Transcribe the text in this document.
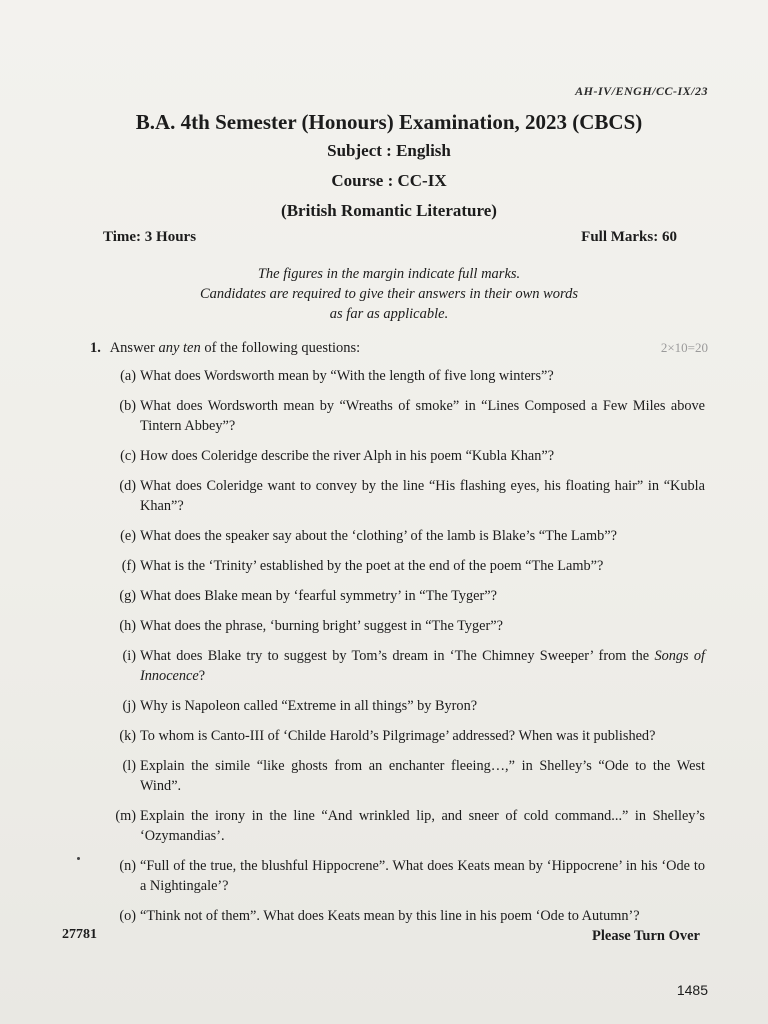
AH-IV/ENGH/CC-IX/23
B.A. 4th Semester (Honours) Examination, 2023 (CBCS)
Subject : English
Course : CC-IX
(British Romantic Literature)
Time: 3 Hours	Full Marks: 60
The figures in the margin indicate full marks.
Candidates are required to give their answers in their own words
as far as applicable.
1. Answer any ten of the following questions:	2×10=20
(a) What does Wordsworth mean by “With the length of five long winters”?
(b) What does Wordsworth mean by “Wreaths of smoke” in “Lines Composed a Few Miles above Tintern Abbey”?
(c) How does Coleridge describe the river Alph in his poem “Kubla Khan”?
(d) What does Coleridge want to convey by the line “His flashing eyes, his floating hair” in “Kubla Khan”?
(e) What does the speaker say about the ‘clothing’ of the lamb is Blake’s “The Lamb”?
(f) What is the ‘Trinity’ established by the poet at the end of the poem “The Lamb”?
(g) What does Blake mean by ‘fearful symmetry’ in “The Tyger”?
(h) What does the phrase, ‘burning bright’ suggest in “The Tyger”?
(i) What does Blake try to suggest by Tom’s dream in ‘The Chimney Sweeper’ from the Songs of Innocence?
(j) Why is Napoleon called “Extreme in all things” by Byron?
(k) To whom is Canto-III of ‘Childe Harold’s Pilgrimage’ addressed? When was it published?
(l) Explain the simile “like ghosts from an enchanter fleeing…,” in Shelley’s “Ode to the West Wind”.
(m) Explain the irony in the line “And wrinkled lip, and sneer of cold command...” in Shelley’s ‘Ozymandias’.
(n) “Full of the true, the blushful Hippocrene”. What does Keats mean by ‘Hippocrene’ in his ‘Ode to a Nightingale’?
(o) “Think not of them”. What does Keats mean by this line in his poem ‘Ode to Autumn’?
27781	Please Turn Over
1485
